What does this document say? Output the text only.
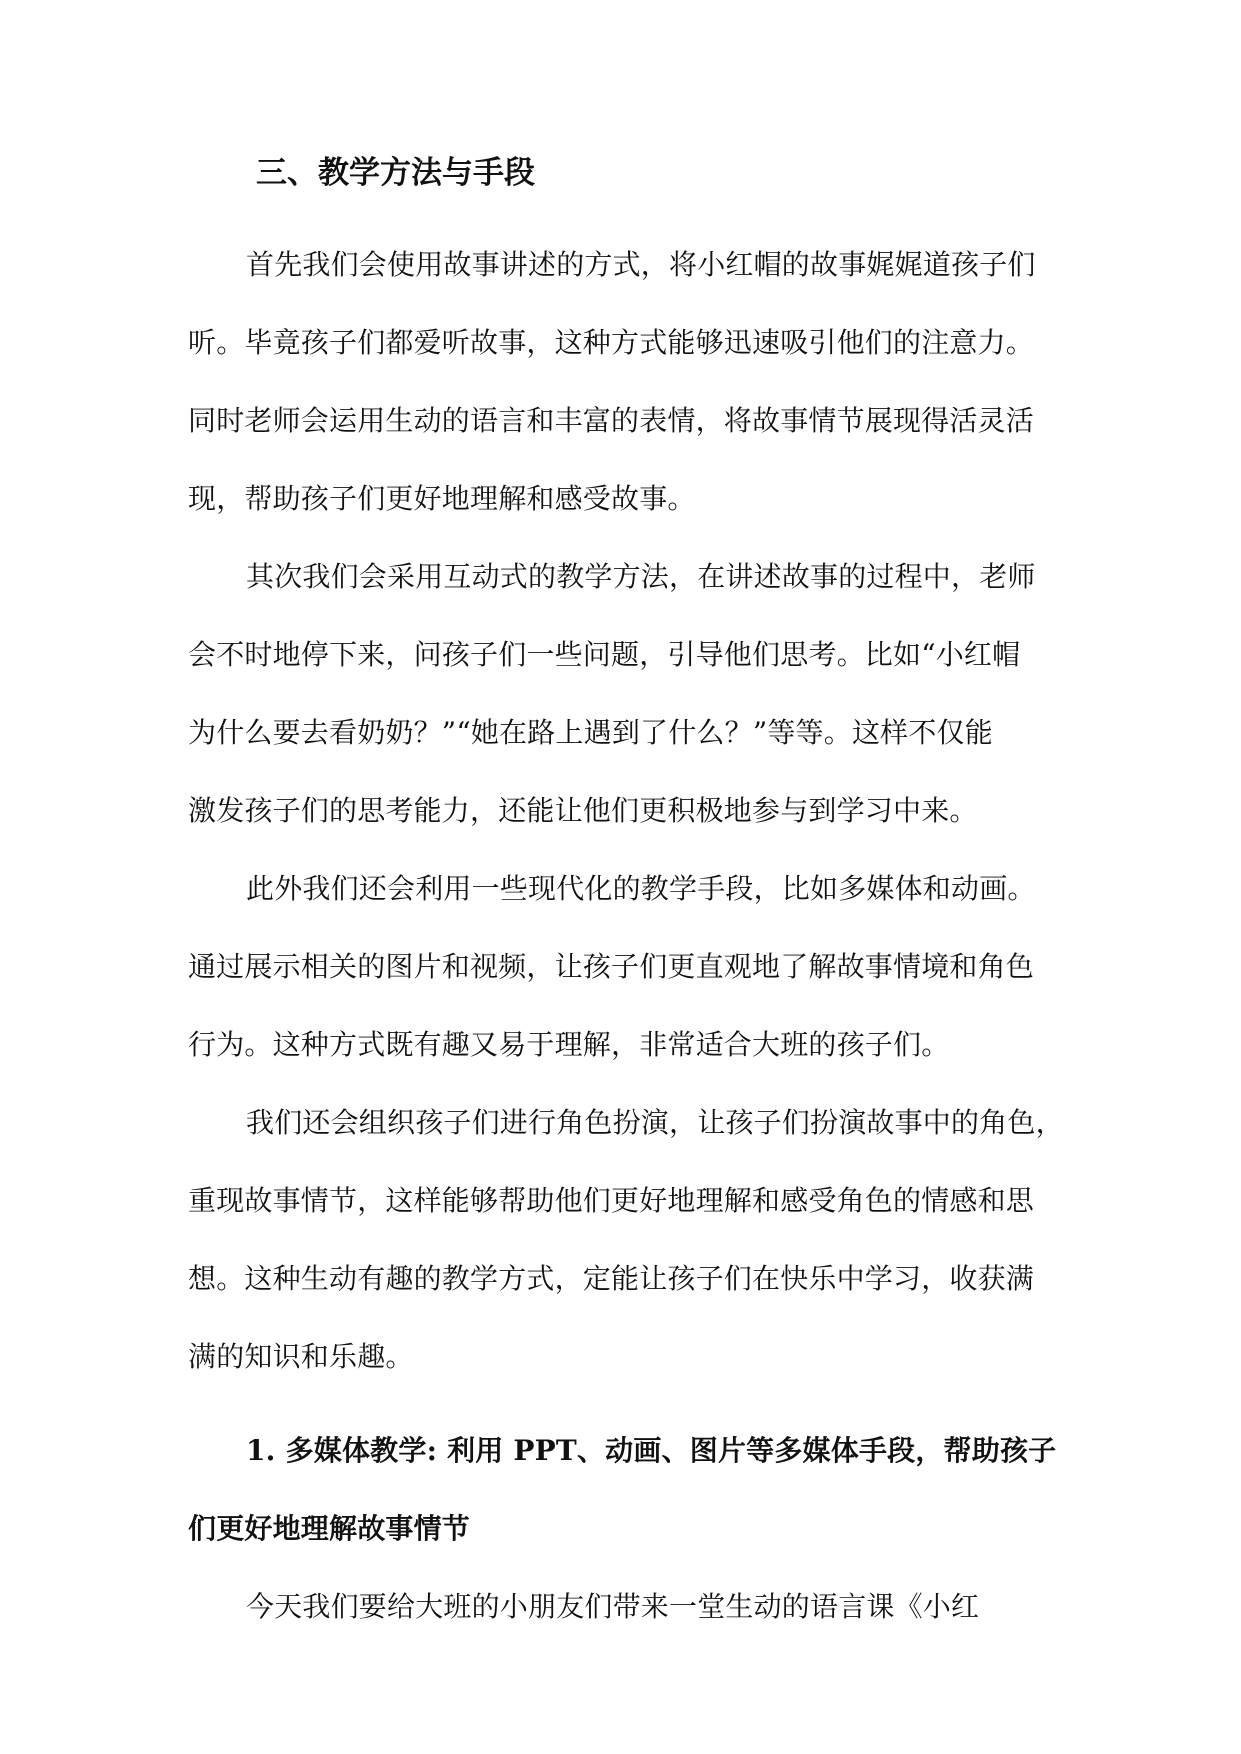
三、教学方法与手段
首先我们会使用故事讲述的方式，将小红帽的故事娓娓道孩子们
听。毕竟孩子们都爱听故事，这种方式能够迅速吸引他们的注意力。
同时老师会运用生动的语言和丰富的表情，将故事情节展现得活灵活
现，帮助孩子们更好地理解和感受故事。
其次我们会采用互动式的教学方法，在讲述故事的过程中，老师
会不时地停下来，问孩子们一些问题，引导他们思考。比如“小红帽
为什么要去看奶奶？”“她在路上遇到了什么？”等等。这样不仅能
激发孩子们的思考能力，还能让他们更积极地参与到学习中来。
此外我们还会利用一些现代化的教学手段，比如多媒体和动画。
通过展示相关的图片和视频，让孩子们更直观地了解故事情境和角色
行为。这种方式既有趣又易于理解，非常适合大班的孩子们。
我们还会组织孩子们进行角色扮演，让孩子们扮演故事中的角色，
重现故事情节，这样能够帮助他们更好地理解和感受角色的情感和思
想。这种生动有趣的教学方式，定能让孩子们在快乐中学习，收获满
满的知识和乐趣。
1. 多媒体教学: 利用 PPT、动画、图片等多媒体手段，帮助孩子
们更好地理解故事情节
今天我们要给大班的小朋友们带来一堂生动的语言课《小红
